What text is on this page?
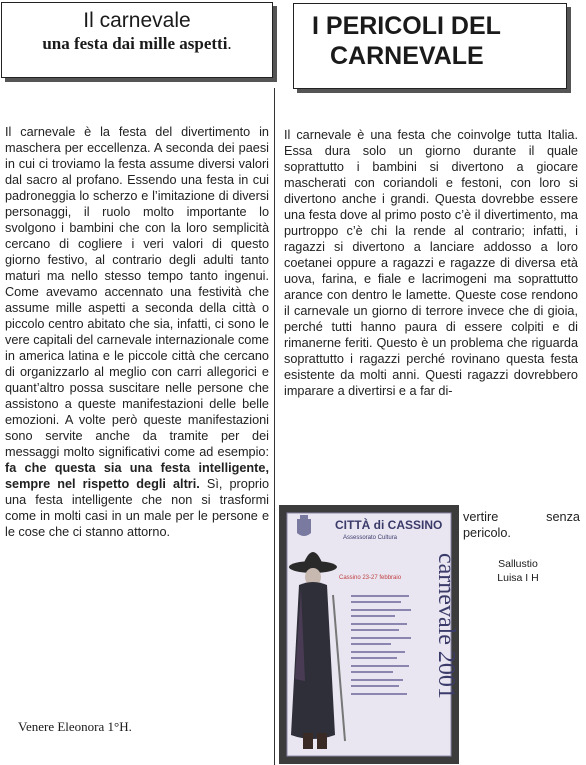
Il carnevale
una festa dai mille aspetti.
I PERICOLI DEL
CARNEVALE
Il carnevale è la festa del divertimento in maschera per eccellenza. A seconda dei paesi in cui ci troviamo la festa assume diversi valori dal sacro al profano. Essendo una festa in cui padroneggia lo scherzo e l’imitazione di diversi personaggi, il ruolo molto importante lo svolgono i bambini che con la loro semplicità cercano di cogliere i veri valori di questo giorno festivo, al contrario degli adulti tanto maturi ma nello stesso tempo tanto ingenui. Come avevamo accennato una festività che assume mille aspetti a seconda della città o piccolo centro abitato che sia, infatti, ci sono le vere capitali del carnevale internazionale come in america latina e le piccole città che cercano di organizzarlo al meglio con carri allegorici e quant’altro possa suscitare nelle persone che assistono a queste manifestazioni delle belle emozioni. A volte però queste manifestazioni sono servite anche da tramite per dei messaggi molto significativi come ad esempio: fa che questa sia una festa intelligente, sempre nel rispetto degli altri. Sì, proprio una festa intelligente che non si trasformi come in molti casi in un male per le persone e le cose che ci stanno attorno.
Venere Eleonora 1°H.
Il carnevale è una festa che coinvolge tutta Italia. Essa dura solo un giorno durante il quale soprattutto i bambini si divertono a giocare mascherati con coriandoli e festoni, con loro si divertono anche i grandi. Questa dovrebbe essere una festa dove al primo posto c’è il divertimento, ma purtroppo c’è chi la rende al contrario; infatti, i ragazzi si divertono a lanciare addosso a loro coetanei oppure a ragazzi e ragazze di diversa età uova, farina, e fiale e lacrimogeni ma soprattutto arance con dentro le lamette. Queste cose rendono il carnevale un giorno di terrore invece che di gioia, perché tutti hanno paura di essere colpiti e di rimanerne feriti. Questo è un problema che riguarda soprattutto i ragazzi perché rovinano questa festa esistente da molti anni. Questi ragazzi dovrebbero imparare a divertirsi e a far di-
vertire senza pericolo.
Sallustio
Luisa I H
CITTÀ di CASSINO
Assessorato Cultura
Cassino 23-27 febbraio carnevale 2001
